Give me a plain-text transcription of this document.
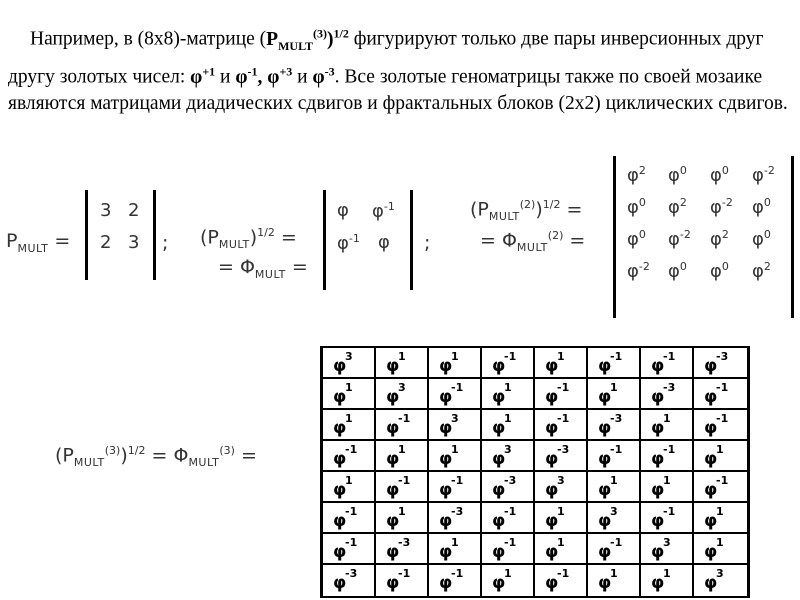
Например, в (8х8)-матрице $(Р_{MULT}^{(3)})^{1/2}$ фигурируют только две пары инверсионных друг другу золотых чисел: $\varphi^{+1}$ и $\varphi^{-1}$, $\varphi^{+3}$ и $\varphi^{-3}$. Все золотые геноматрицы также по своей мозаике являются матрицами диадических сдвигов и фрактальных блоков (2х2) циклических сдвигов.
$P_{MULT}$ =
3 2
2 3 ; $(P_{MULT})^{1/2}$ =
= $\Phi_{MULT}$ =
φ $\varphi^{-1}$
$\varphi^{-1}$ φ ;
$(P_{MULT}^{(2)})^{1/2}$ =
= $\Phi_{MULT}^{(2)}$ =
$\varphi^2$ $\varphi^0$ $\varphi^0$ $\varphi^{-2}$
$\varphi^0$ $\varphi^2$ $\varphi^{-2}$ $\varphi^0$
$\varphi^0$ $\varphi^{-2}$ $\varphi^2$ $\varphi^0$
$\varphi^{-2}$ $\varphi^0$ $\varphi^0$ $\varphi^2$
$(P_{MULT}^{(3)})^{1/2} = \Phi_{MULT}^{(3)}$ =
φ
3 φ
1 φ
1 φ
-1 φ
1 φ
-1 φ
-1 φ
-3
φ
1 φ
3 φ
-1 φ
1 φ
-1 φ
1 φ
-3 φ
-1
φ
1 φ
-1 φ
3 φ
1 φ
-1 φ
-3 φ
1 φ
-1
φ
-1 φ
1 φ
1 φ
3 φ
-3 φ
-1 φ
-1 φ
1
φ
1 φ
-1 φ
-1 φ
-3 φ
3 φ
1 φ
1 φ
-1
φ
-1 φ
1 φ
-3 φ
-1 φ
1 φ
3 φ
-1 φ
1
φ
-1 φ
-3 φ
1 φ
-1 φ
1 φ
-1 φ
3 φ
1
φ
-3 φ
-1 φ
-1 φ
1 φ
-1 φ
1 φ
1 φ
3
